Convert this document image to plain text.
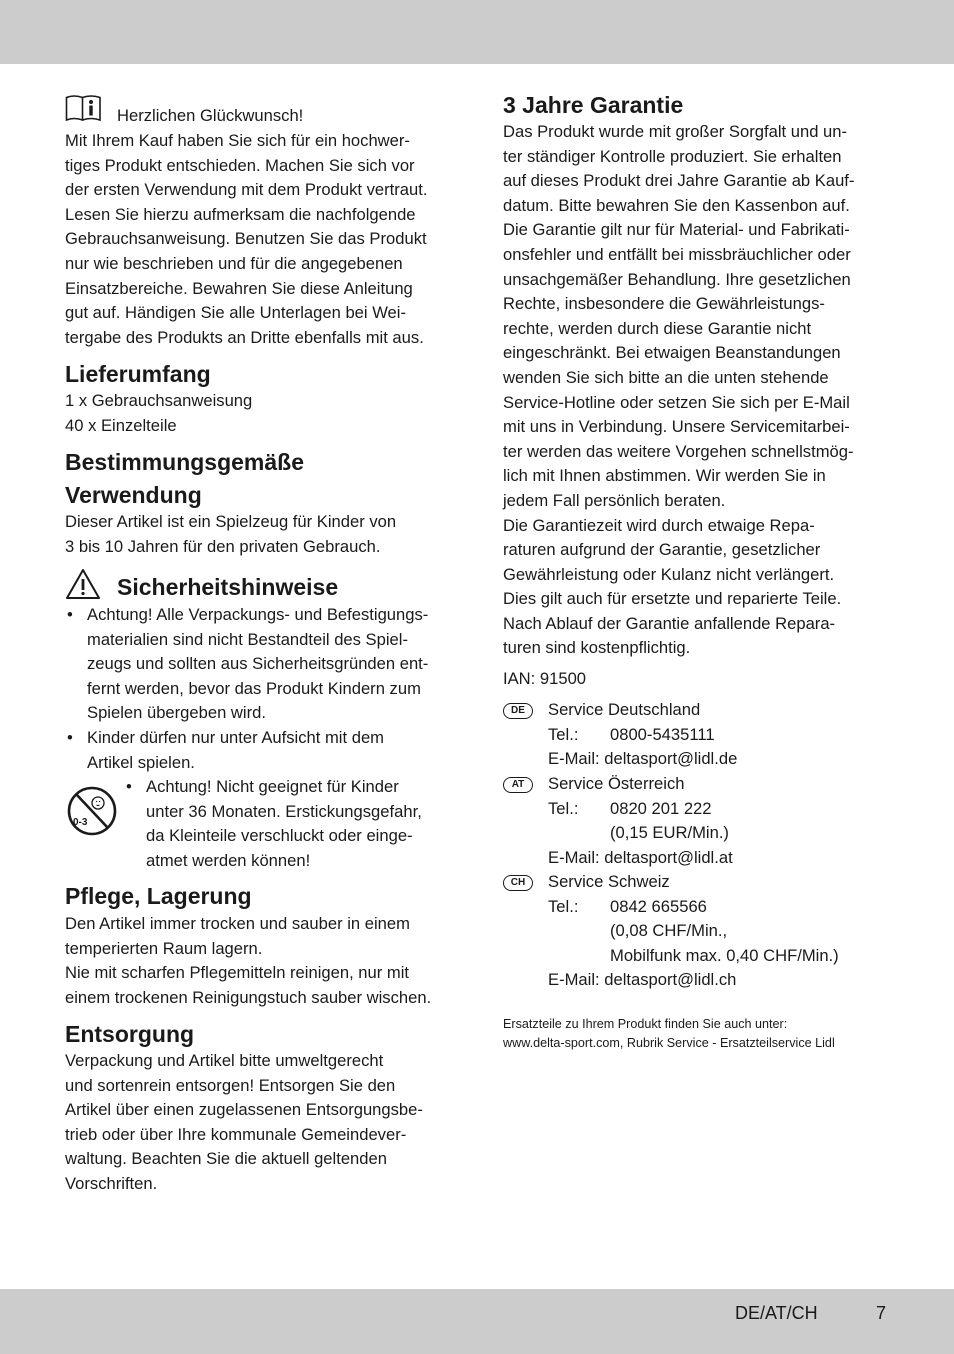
Herzlichen Glückwunsch!

Mit Ihrem Kauf haben Sie sich für ein hochwer-
tiges Produkt entschieden. Machen Sie sich vor
der ersten Verwendung mit dem Produkt vertraut.
Lesen Sie hierzu aufmerksam die nachfolgende
Gebrauchsanweisung. Benutzen Sie das Produkt
nur wie beschrieben und für die angegebenen
Einsatzbereiche. Bewahren Sie diese Anleitung
gut auf. Händigen Sie alle Unterlagen bei Wei-
tergabe des Produkts an Dritte ebenfalls mit aus.

Lieferumfang

1 x Gebrauchsanweisung
40 x Einzelteile

Bestimmungsgemäße
Verwendung

Dieser Artikel ist ein Spielzeug für Kinder von
3 bis 10 Jahren für den privaten Gebrauch.

Sicherheitshinweise
• Achtung! Alle Verpackungs- und Befestigungs-
materialien sind nicht Bestandteil des Spiel-
zeugs und sollten aus Sicherheitsgründen ent-
fernt werden, bevor das Produkt Kindern zum
Spielen übergeben wird.
• Kinder dürfen nur unter Aufsicht mit dem
Artikel spielen.
0-3
• Achtung! Nicht geeignet für Kinder
unter 36 Monaten. Erstickungsgefahr,
da Kleinteile verschluckt oder einge-
atmet werden können!
Pflege, Lagerung

Den Artikel immer trocken und sauber in einem
temperierten Raum lagern.
Nie mit scharfen Pflegemitteln reinigen, nur mit
einem trockenen Reinigungstuch sauber wischen.

Entsorgung

Verpackung und Artikel bitte umweltgerecht
und sortenrein entsorgen! Entsorgen Sie den
Artikel über einen zugelassenen Entsorgungsbe-
trieb oder über Ihre kommunale Gemeindever-
waltung. Beachten Sie die aktuell geltenden
Vorschriften.

3 Jahre Garantie

Das Produkt wurde mit großer Sorgfalt und un-
ter ständiger Kontrolle produziert. Sie erhalten
auf dieses Produkt drei Jahre Garantie ab Kauf-
datum. Bitte bewahren Sie den Kassenbon auf.
Die Garantie gilt nur für Material- und Fabrikati-
onsfehler und entfällt bei missbräuchlicher oder
unsachgemäßer Behandlung. Ihre gesetzlichen
Rechte, insbesondere die Gewährleistungs-
rechte, werden durch diese Garantie nicht
eingeschränkt. Bei etwaigen Beanstandungen
wenden Sie sich bitte an die unten stehende
Service-Hotline oder setzen Sie sich per E-Mail
mit uns in Verbindung. Unsere Servicemitarbei-
ter werden das weitere Vorgehen schnellstmög-
lich mit Ihnen abstimmen. Wir werden Sie in
jedem Fall persönlich beraten.
Die Garantiezeit wird durch etwaige Repa-
raturen aufgrund der Garantie, gesetzlicher
Gewährleistung oder Kulanz nicht verlängert.
Dies gilt auch für ersetzte und reparierte Teile.
Nach Ablauf der Garantie anfallende Repara-
turen sind kostenpflichtig.

IAN: 91500
DE	Service Deutschland
Tel.: 0800-5435111
E-Mail: deltasport@lidl.de
AT	Service Österreich
Tel.: 0820 201 222
(0,15 EUR/Min.)
E-Mail: deltasport@lidl.at
CH	Service Schweiz
Tel.: 0842 665566
(0,08 CHF/Min.,
Mobilfunk max. 0,40 CHF/Min.)
E-Mail: deltasport@lidl.ch
Ersatzteile zu Ihrem Produkt finden Sie auch unter:
www.delta-sport.com, Rubrik Service - Ersatzteilservice Lidl
DE/AT/CH	7
